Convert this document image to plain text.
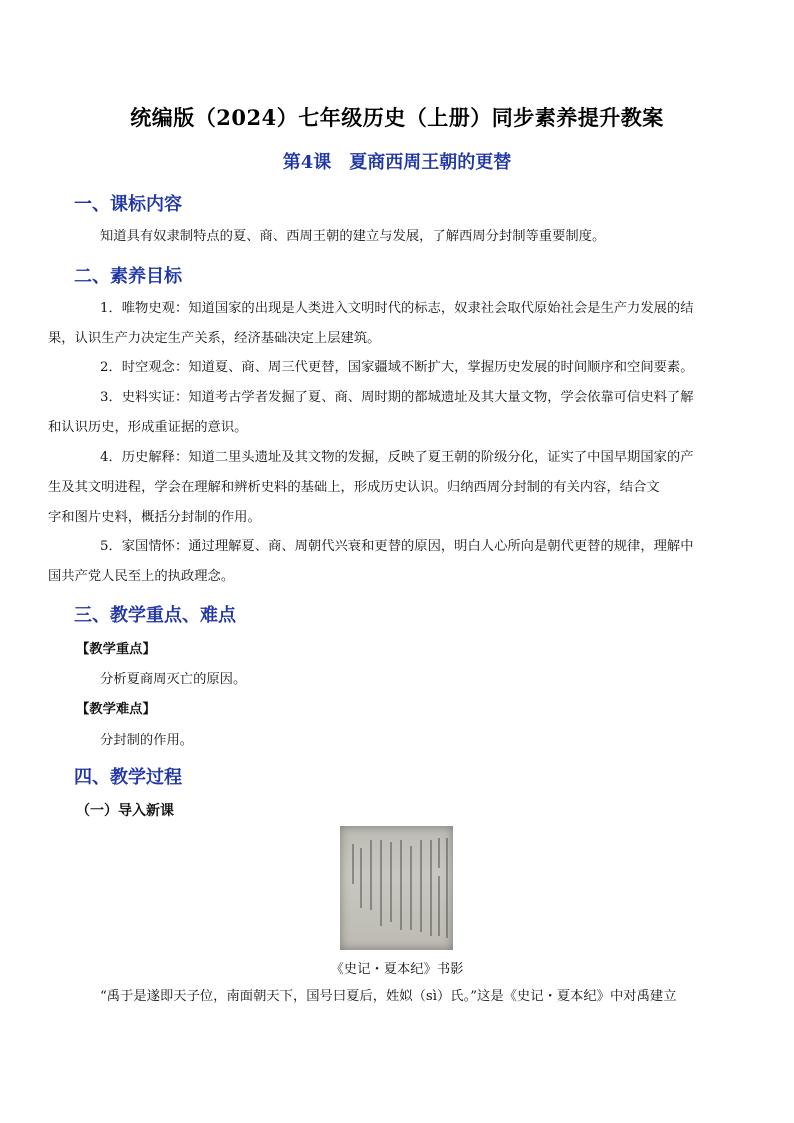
统编版（2024）七年级历史（上册）同步素养提升教案
第4课　夏商西周王朝的更替
一、课标内容
知道具有奴隶制特点的夏、商、西周王朝的建立与发展，了解西周分封制等重要制度。
二、素养目标
1．唯物史观：知道国家的出现是人类进入文明时代的标志，奴隶社会取代原始社会是生产力发展的结
果，认识生产力决定生产关系，经济基础决定上层建筑。
2．时空观念：知道夏、商、周三代更替，国家疆域不断扩大，掌握历史发展的时间顺序和空间要素。
3．史料实证：知道考古学者发掘了夏、商、周时期的都城遗址及其大量文物，学会依靠可信史料了解
和认识历史，形成重证据的意识。
4．历史解释：知道二里头遗址及其文物的发掘，反映了夏王朝的阶级分化，证实了中国早期国家的产
生及其文明进程，学会在理解和辨析史料的基础上，形成历史认识。归纳西周分封制的有关内容，结合文
字和图片史料，概括分封制的作用。
5．家国情怀：通过理解夏、商、周朝代兴衰和更替的原因，明白人心所向是朝代更替的规律，理解中
国共产党人民至上的执政理念。
三、教学重点、难点
【教学重点】
分析夏商周灭亡的原因。
【教学难点】
分封制的作用。
四、教学过程
（一）导入新课
《史记・夏本纪》书影
“禹于是遂即天子位，南面朝天下，国号曰夏后，姓姒（sì）氏。”这是《史记・夏本纪》中对禹建立
